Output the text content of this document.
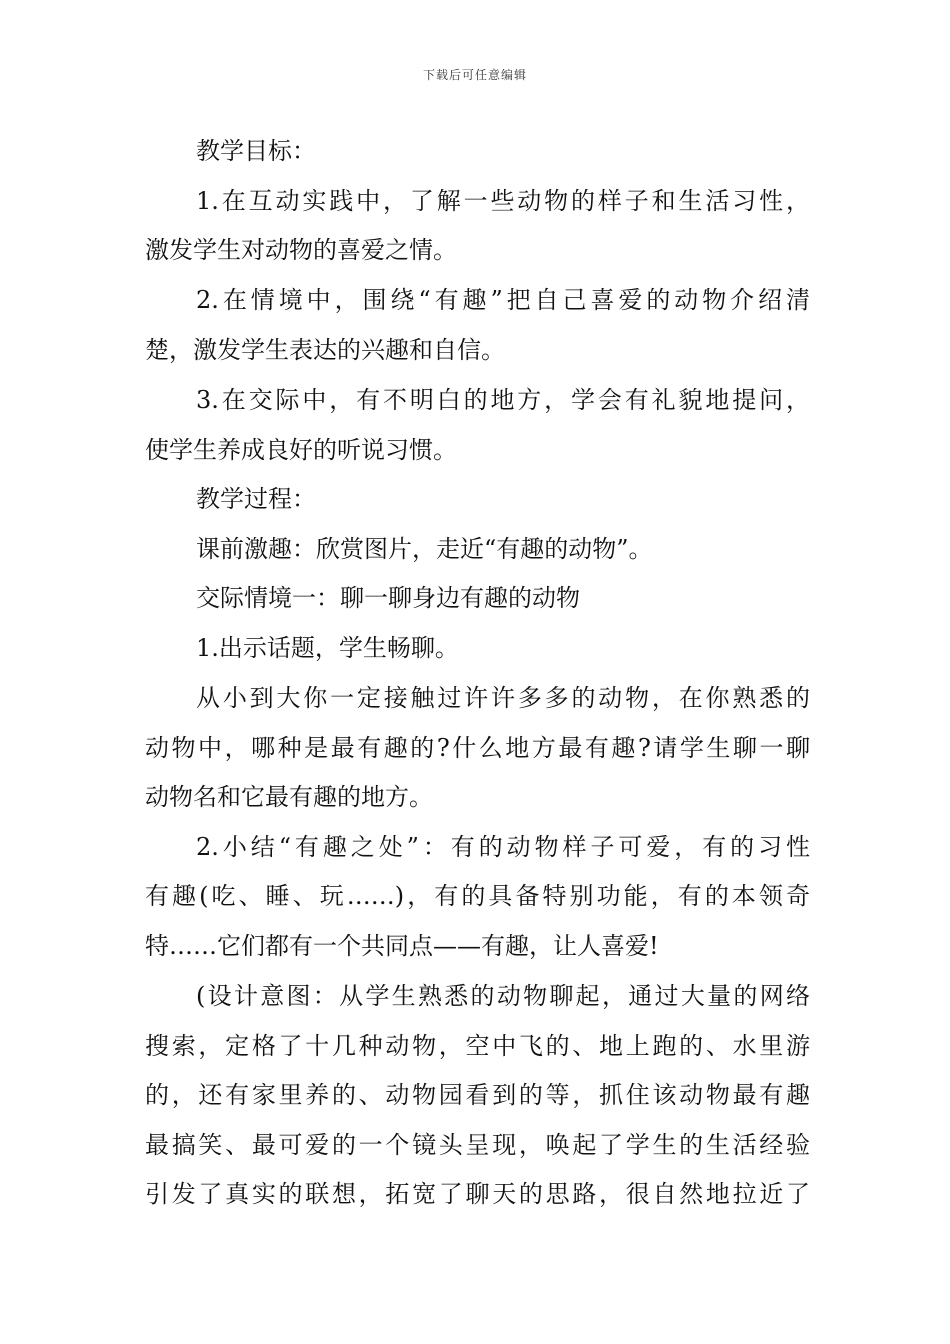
下载后可任意编辑
教学目标：
1.在互动实践中，了解一些动物的样子和生活习性，
激发学生对动物的喜爱之情。
2.在情境中，围绕“有趣”把自己喜爱的动物介绍清
楚，激发学生表达的兴趣和自信。
3.在交际中，有不明白的地方，学会有礼貌地提问，
使学生养成良好的听说习惯。
教学过程：
课前激趣：欣赏图片，走近“有趣的动物”。
交际情境一：聊一聊身边有趣的动物
1.出示话题，学生畅聊。
从小到大你一定接触过许许多多的动物，在你熟悉的
动物中，哪种是最有趣的?什么地方最有趣?请学生聊一聊
动物名和它最有趣的地方。
2.小结“有趣之处”：有的动物样子可爱，有的习性
有趣(吃、睡、玩……)，有的具备特别功能，有的本领奇
特……它们都有一个共同点——有趣，让人喜爱!
(设计意图：从学生熟悉的动物聊起，通过大量的网络
搜索，定格了十几种动物，空中飞的、地上跑的、水里游
的，还有家里养的、动物园看到的等，抓住该动物最有趣
最搞笑、最可爱的一个镜头呈现，唤起了学生的生活经验
引发了真实的联想，拓宽了聊天的思路，很自然地拉近了
